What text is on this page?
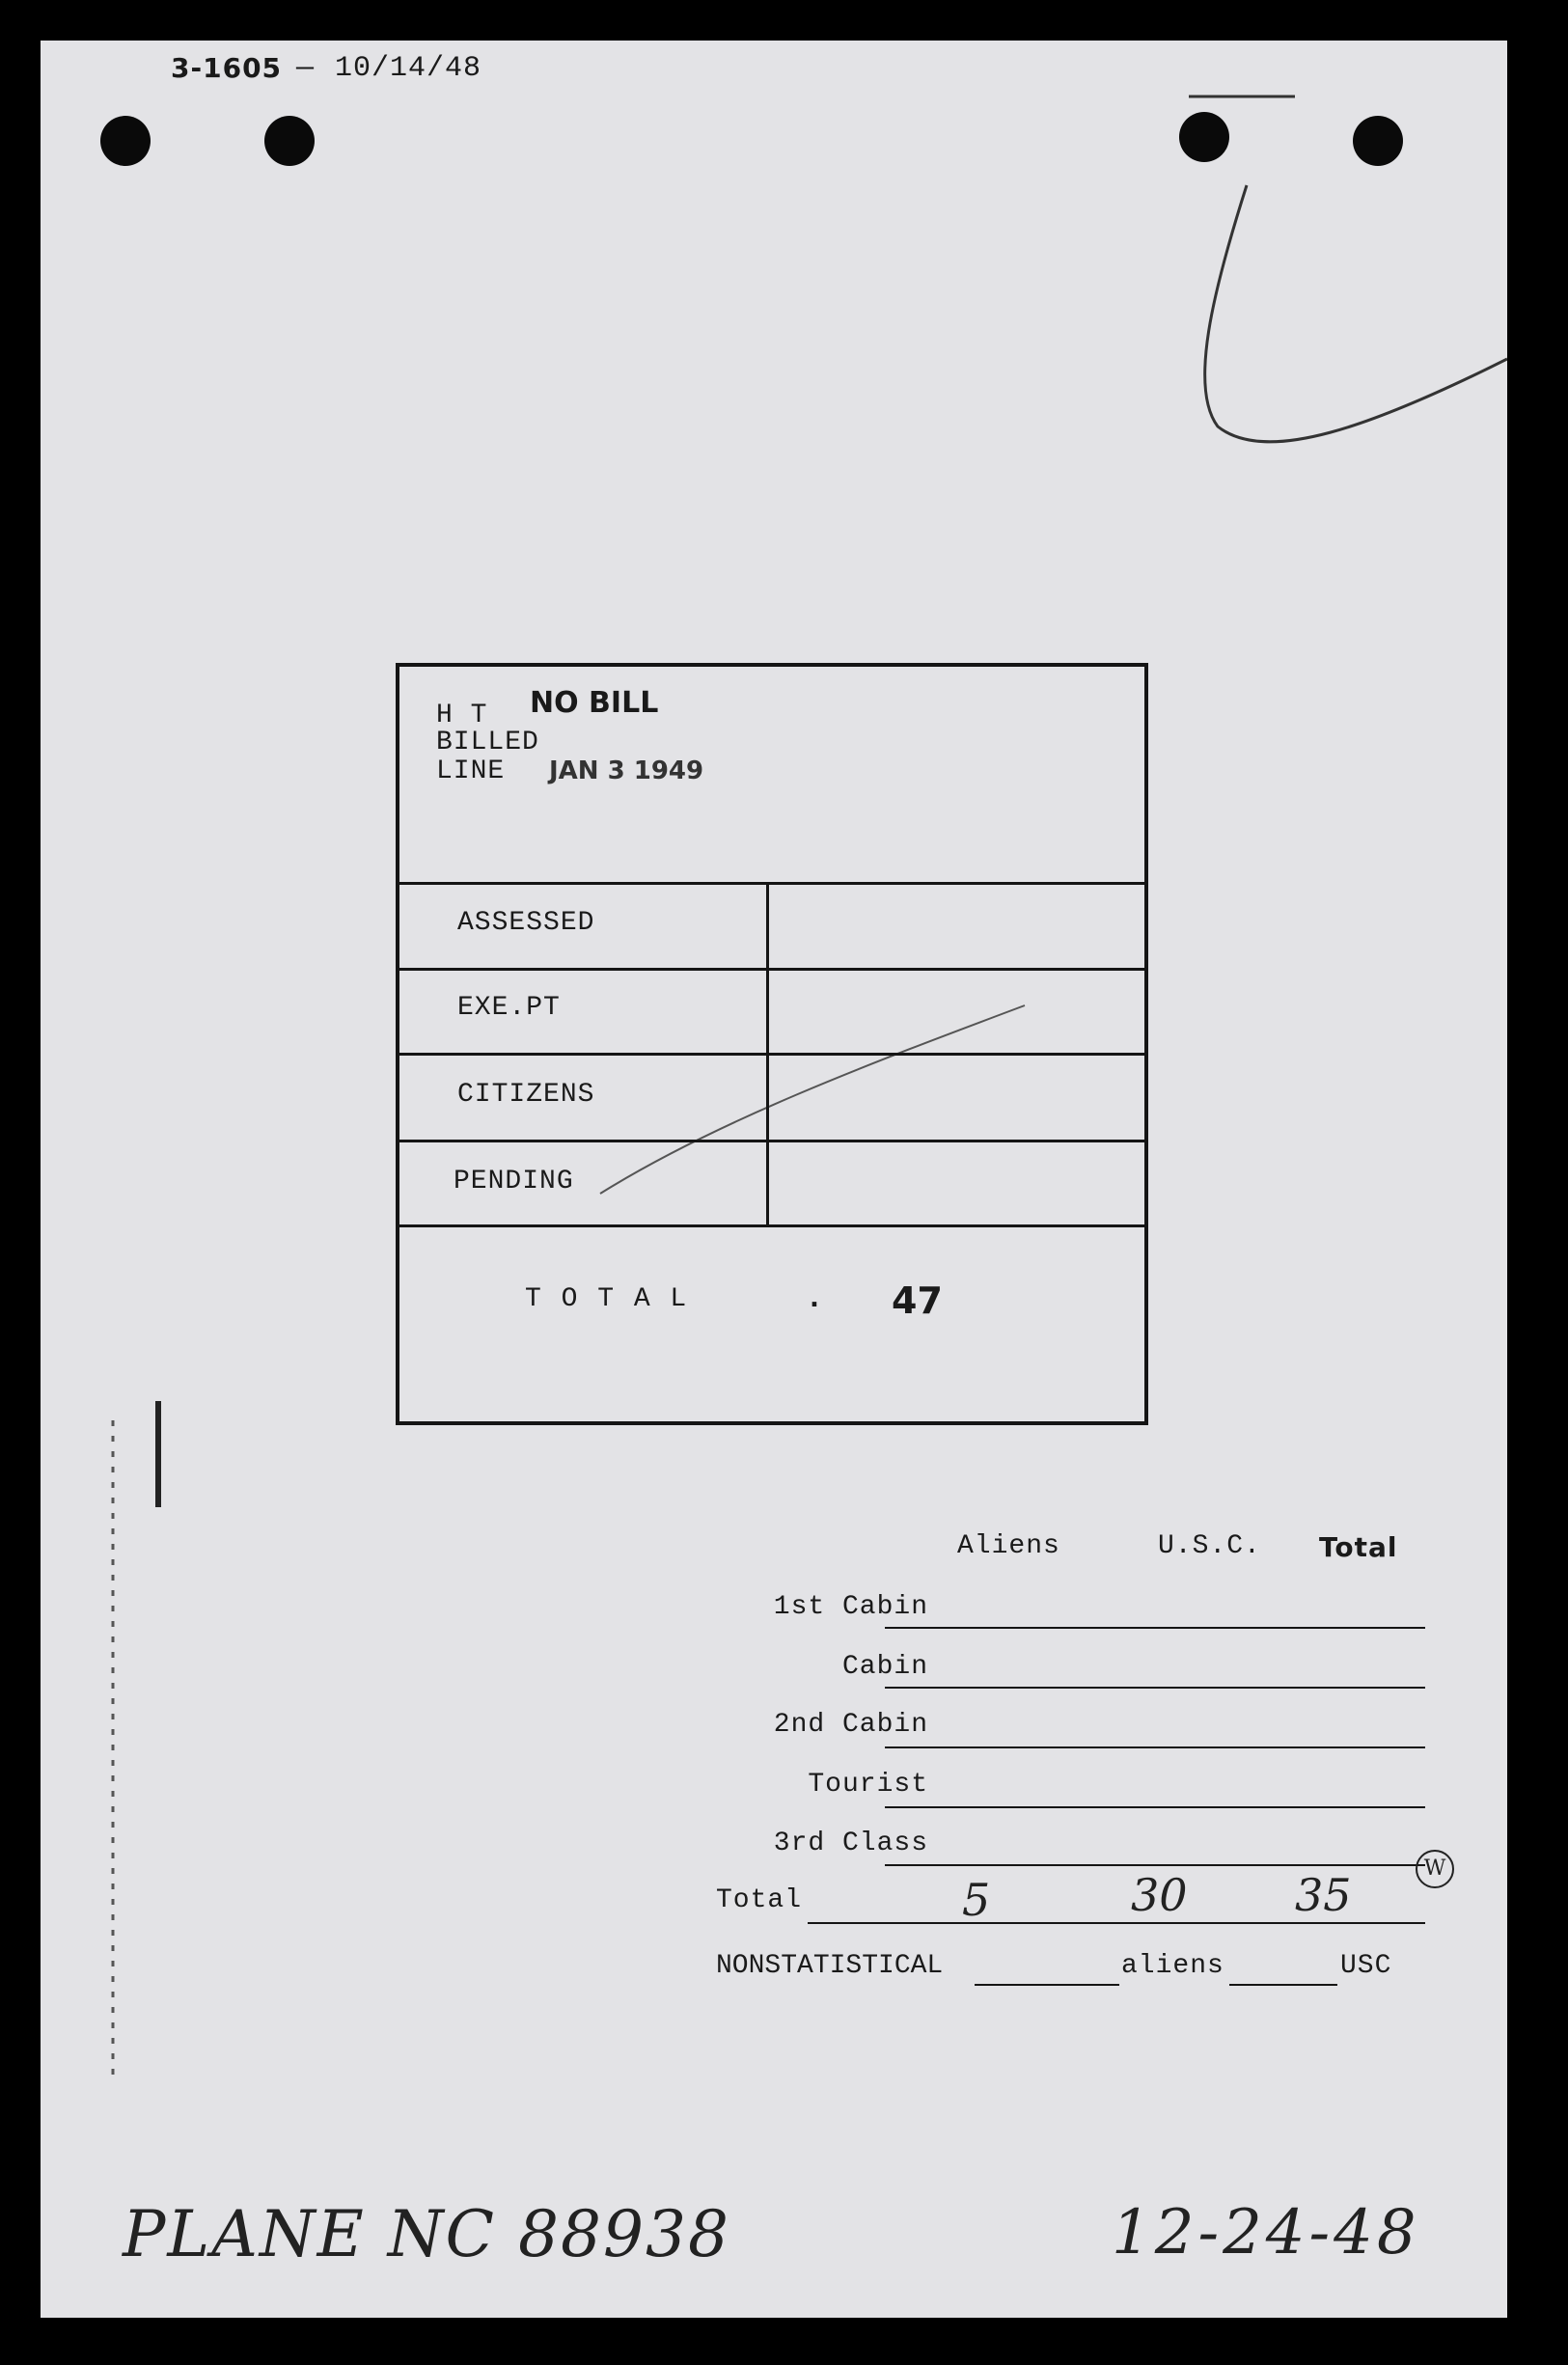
3-1605 — 10/14/48
H T NO BILL
BILLED
LINE JAN 3 1949
ASSESSED
EXE.PT
CITIZENS
PENDING
T O T A L	. 47
Aliens	U.S.C. Total
1st Cabin
Cabin
2nd Cabin
Tourist
3rd Class
Total	5	30 35
W
NONSTATISTICAL	aliens	USC
PLANE NC 88938	12-24-48
